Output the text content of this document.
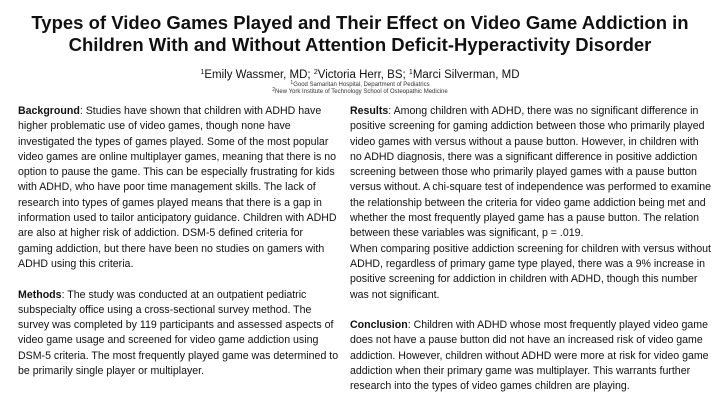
Types of Video Games Played and Their Effect on Video Game Addiction in
Children With and Without Attention Deficit-Hyperactivity Disorder
$^1$Emily Wassmer, MD; $^2$Victoria Herr, BS; $^1$Marci Silverman, MD
$^1$Good Samaritan Hospital, Department of Pediatrics
$^2$New York Institute of Technology School of Osteopathic Medicine

Background: Studies have shown that children with ADHD have higher problematic use of video games, though none have investigated the types of games played. Some of the most popular video games are online multiplayer games, meaning that there is no option to pause the game. This can be especially frustrating for kids with ADHD, who have poor time management skills. The lack of research into types of games played means that there is a gap in information used to tailor anticipatory guidance. Children with ADHD are also at higher risk of addiction. DSM-5 defined criteria for gaming addiction, but there have been no studies on gamers with ADHD using this criteria.

Methods: The study was conducted at an outpatient pediatric subspecialty office using a cross-sectional survey method. The survey was completed by 119 participants and assessed aspects of video game usage and screened for video game addiction using DSM-5 criteria. The most frequently played game was determined to be primarily single player or multiplayer.

Results: Among children with ADHD, there was no significant difference in positive screening for gaming addiction between those who primarily played video games with versus without a pause button. However, in children with no ADHD diagnosis, there was a significant difference in positive addiction screening between those who primarily played games with a pause button versus without. A chi-square test of independence was performed to examine the relationship between the criteria for video game addiction being met and whether the most frequently played game has a pause button. The relation between these variables was significant, p = .019.

When comparing positive addiction screening for children with versus without ADHD, regardless of primary game type played, there was a 9% increase in positive screening for addiction in children with ADHD, though this number was not significant.

Conclusion: Children with ADHD whose most frequently played video game does not have a pause button did not have an increased risk of video game addiction. However, children without ADHD were more at risk for video game addiction when their primary game was multiplayer. This warrants further research into the types of video games children are playing.
